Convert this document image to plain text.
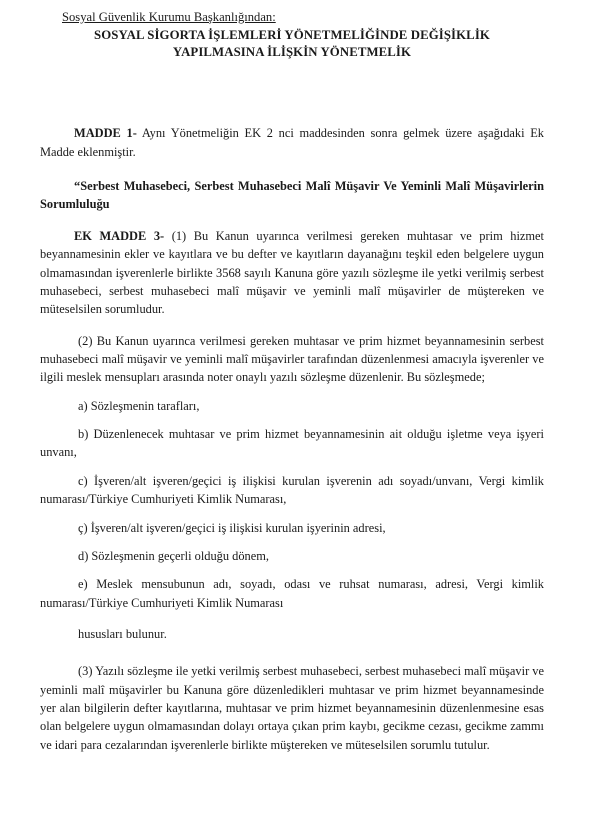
Sosyal Güvenlik Kurumu Başkanlığından:

SOSYAL SİGORTA İŞLEMLERİ YÖNETMELİĞİNDE DEĞİŞİKLİK

YAPILMASINA İLİŞKİN YÖNETMELİK

MADDE 1- Aynı Yönetmeliğin EK 2 nci maddesinden sonra gelmek üzere aşağıdaki Ek Madde eklenmiştir.

“Serbest Muhasebeci, Serbest Muhasebeci Malî Müşavir Ve Yeminli Malî Müşavirlerin Sorumluluğu

EK MADDE 3- (1) Bu Kanun uyarınca verilmesi gereken muhtasar ve prim hizmet beyannamesinin ekler ve kayıtlara ve bu defter ve kayıtların dayanağını teşkil eden belgelere uygun olmamasından işverenlerle birlikte 3568 sayılı Kanuna göre yazılı sözleşme ile yetki verilmiş serbest muhasebeci, serbest muhasebeci malî müşavir ve yeminli malî müşavirler de müştereken ve müteselsilen sorumludur.

(2) Bu Kanun uyarınca verilmesi gereken muhtasar ve prim hizmet beyannamesinin serbest muhasebeci malî müşavir ve yeminli malî müşavirler tarafından düzenlenmesi amacıyla işverenler ve ilgili meslek mensupları arasında noter onaylı yazılı sözleşme düzenlenir. Bu sözleşmede;

a) Sözleşmenin tarafları,

b) Düzenlenecek muhtasar ve prim hizmet beyannamesinin ait olduğu işletme veya işyeri unvanı,

c) İşveren/alt işveren/geçici iş ilişkisi kurulan işverenin adı soyadı/unvanı, Vergi kimlik numarası/Türkiye Cumhuriyeti Kimlik Numarası,

ç) İşveren/alt işveren/geçici iş ilişkisi kurulan işyerinin adresi,

d) Sözleşmenin geçerli olduğu dönem,

e) Meslek mensubunun adı, soyadı, odası ve ruhsat numarası, adresi, Vergi kimlik numarası/Türkiye Cumhuriyeti Kimlik Numarası

hususları bulunur.

(3) Yazılı sözleşme ile yetki verilmiş serbest muhasebeci, serbest muhasebeci malî müşavir ve yeminli malî müşavirler bu Kanuna göre düzenledikleri muhtasar ve prim hizmet beyannamesinde yer alan bilgilerin defter kayıtlarına, muhtasar ve prim hizmet beyannamesinin düzenlenmesine esas olan belgelere uygun olmamasından dolayı ortaya çıkan prim kaybı, gecikme cezası, gecikme zammı ve idari para cezalarından işverenlerle birlikte müştereken ve müteselsilen sorumlu tutulur.
